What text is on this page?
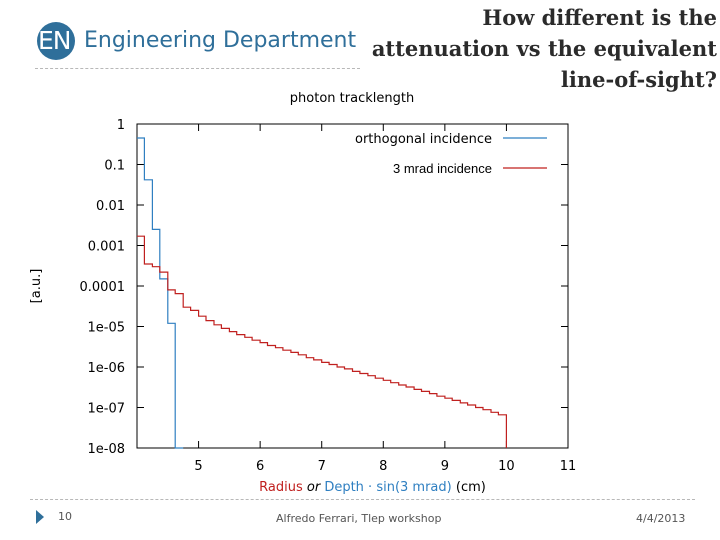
EN Engineering Department
How different is the
attenuation vs the equivalent
line-of-sight?
1
0.1
0.01
0.001
0.0001
1e-05
1e-06
1e-07
1e-08
5	6	7	8	9	10	11
photon tracklength
[a.u.]
orthogonal incidence
3 mrad incidence
Radius or Depth · sin(3 mrad) (cm)
10	Alfredo Ferrari, Tlep workshop	4/4/2013
